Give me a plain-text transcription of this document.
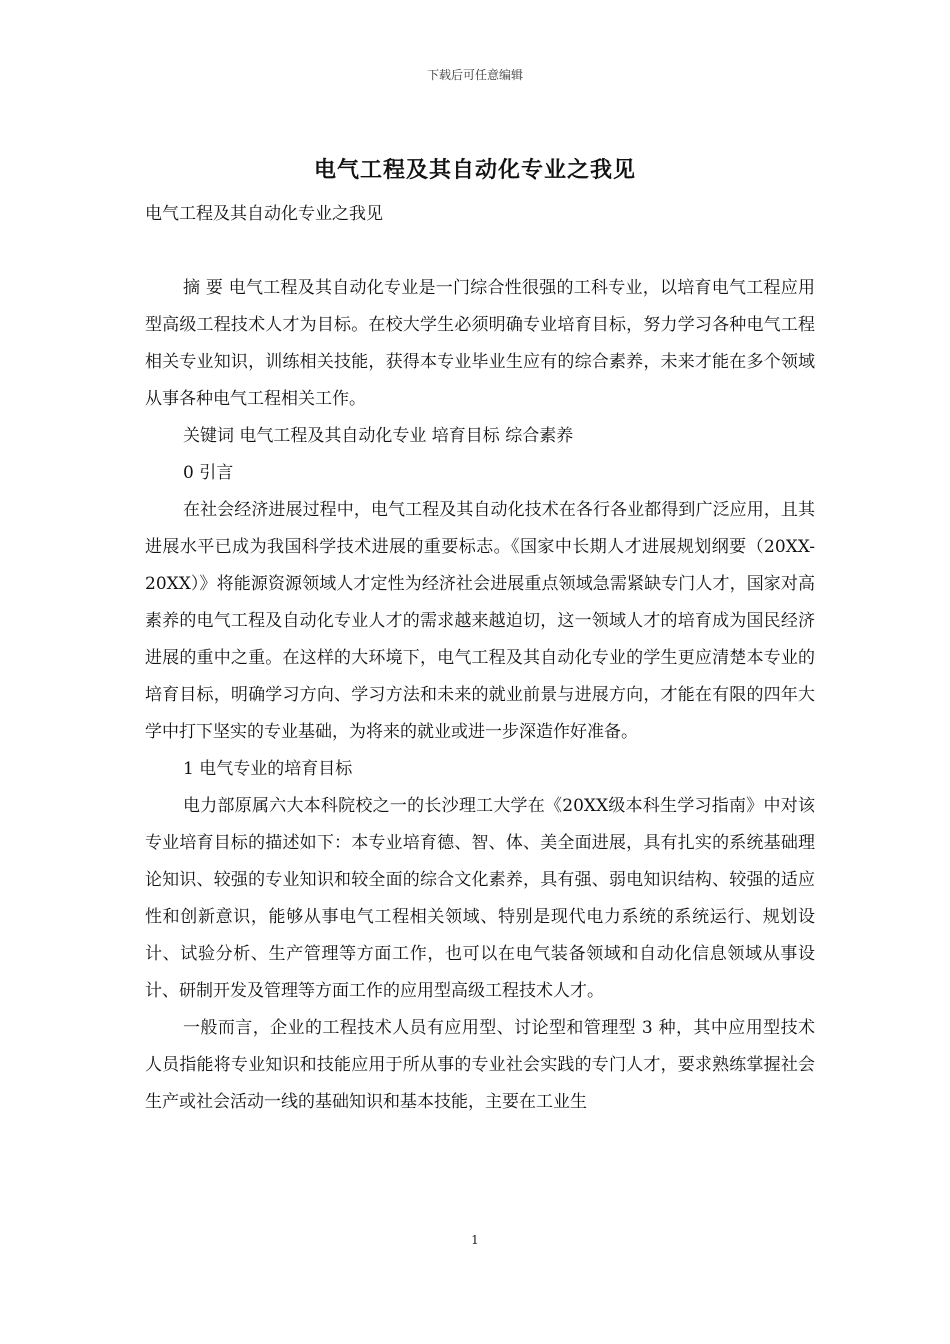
下载后可任意编辑
电气工程及其自动化专业之我见

电气工程及其自动化专业之我见

摘 要 电气工程及其自动化专业是一门综合性很强的工科专业，以培育电气工程应用型高级工程技术人才为目标。在校大学生必须明确专业培育目标，努力学习各种电气工程相关专业知识，训练相关技能，获得本专业毕业生应有的综合素养，未来才能在多个领域从事各种电气工程相关工作。

关键词 电气工程及其自动化专业 培育目标 综合素养

0 引言

在社会经济进展过程中，电气工程及其自动化技术在各行各业都得到广泛应用，且其进展水平已成为我国科学技术进展的重要标志。《国家中长期人才进展规划纲要（20XX-20XX）》将能源资源领域人才定性为经济社会进展重点领域急需紧缺专门人才，国家对高素养的电气工程及自动化专业人才的需求越来越迫切，这一领域人才的培育成为国民经济进展的重中之重。在这样的大环境下，电气工程及其自动化专业的学生更应清楚本专业的培育目标，明确学习方向、学习方法和未来的就业前景与进展方向，才能在有限的四年大学中打下坚实的专业基础，为将来的就业或进一步深造作好准备。

1 电气专业的培育目标

电力部原属六大本科院校之一的长沙理工大学在《20XX级本科生学习指南》中对该专业培育目标的描述如下：本专业培育德、智、体、美全面进展，具有扎实的系统基础理论知识、较强的专业知识和较全面的综合文化素养，具有强、弱电知识结构、较强的适应性和创新意识，能够从事电气工程相关领域、特别是现代电力系统的系统运行、规划设计、试验分析、生产管理等方面工作，也可以在电气装备领域和自动化信息领域从事设计、研制开发及管理等方面工作的应用型高级工程技术人才。

一般而言，企业的工程技术人员有应用型、讨论型和管理型 3 种，其中应用型技术人员指能将专业知识和技能应用于所从事的专业社会实践的专门人才，要求熟练掌握社会生产或社会活动一线的基础知识和基本技能，主要在工业生

1
